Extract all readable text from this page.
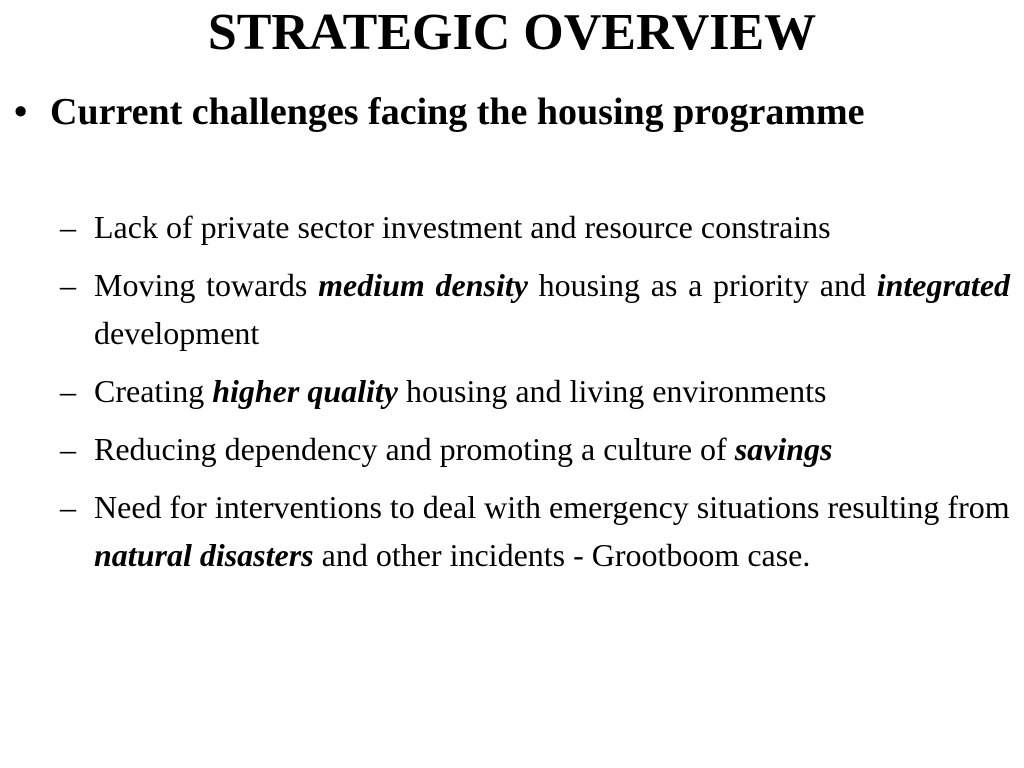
STRATEGIC OVERVIEW
• Current challenges facing the housing programme
– Lack of private sector investment and resource constrains
– Moving towards medium density housing as a priority and integrated development
– Creating higher quality housing and living environments
– Reducing dependency and promoting a culture of savings
– Need for interventions to deal with emergency situations resulting from natural disasters and other incidents - Grootboom case.
